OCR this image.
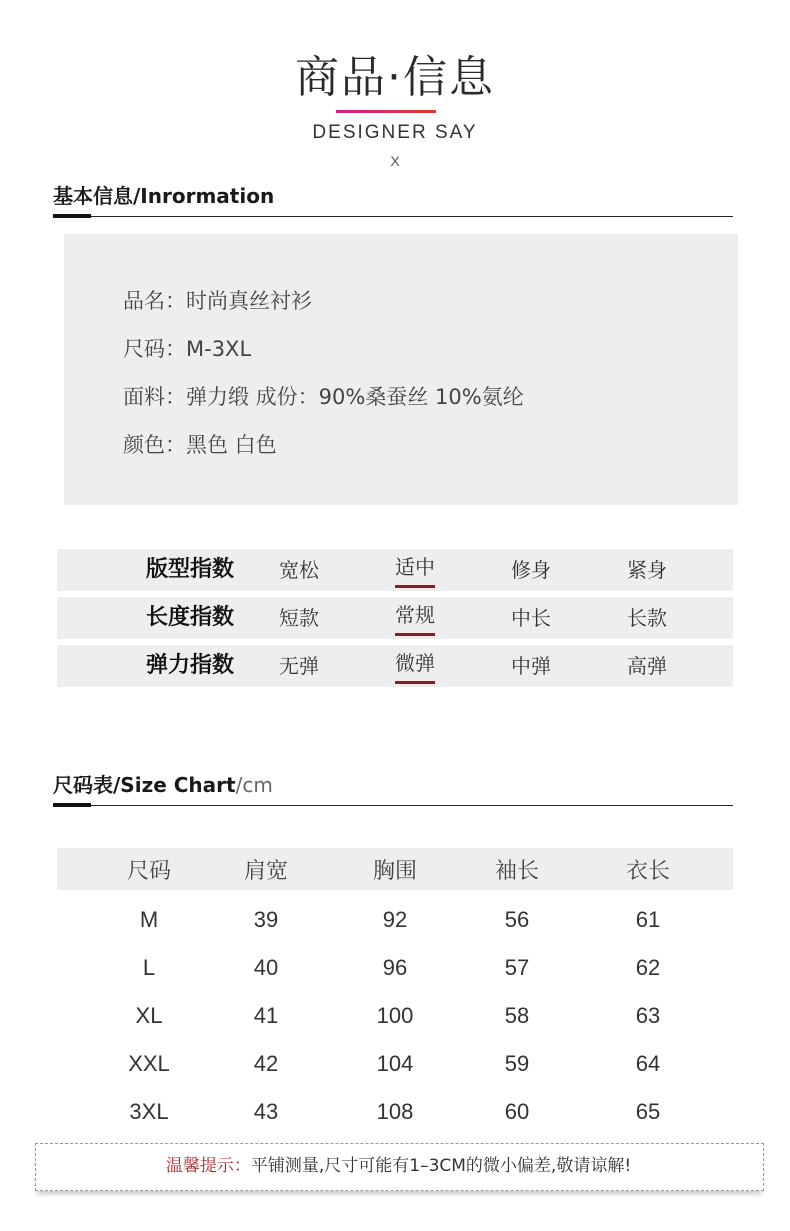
商品·信息
DESIGNER SAY
X
基本信息/Inrormation
品名：时尚真丝衬衫
尺码：M-3XL
面料：弹力缎 成份：90%桑蚕丝 10%氨纶
颜色：黑色 白色
版型指数	宽松	适中	修身	紧身
长度指数	短款	常规	中长	长款
弹力指数	无弹	微弹	中弹	高弹
尺码表/Size Chart/cm
尺码	肩宽	胸围	袖长	衣长
M	39	92	56	61
L	40	96	57	62
XL	41	100	58	63
XXL	42	104	59	64
3XL	43	108	60	65
温馨提示：平铺测量,尺寸可能有1–3CM的微小偏差,敬请谅解!
